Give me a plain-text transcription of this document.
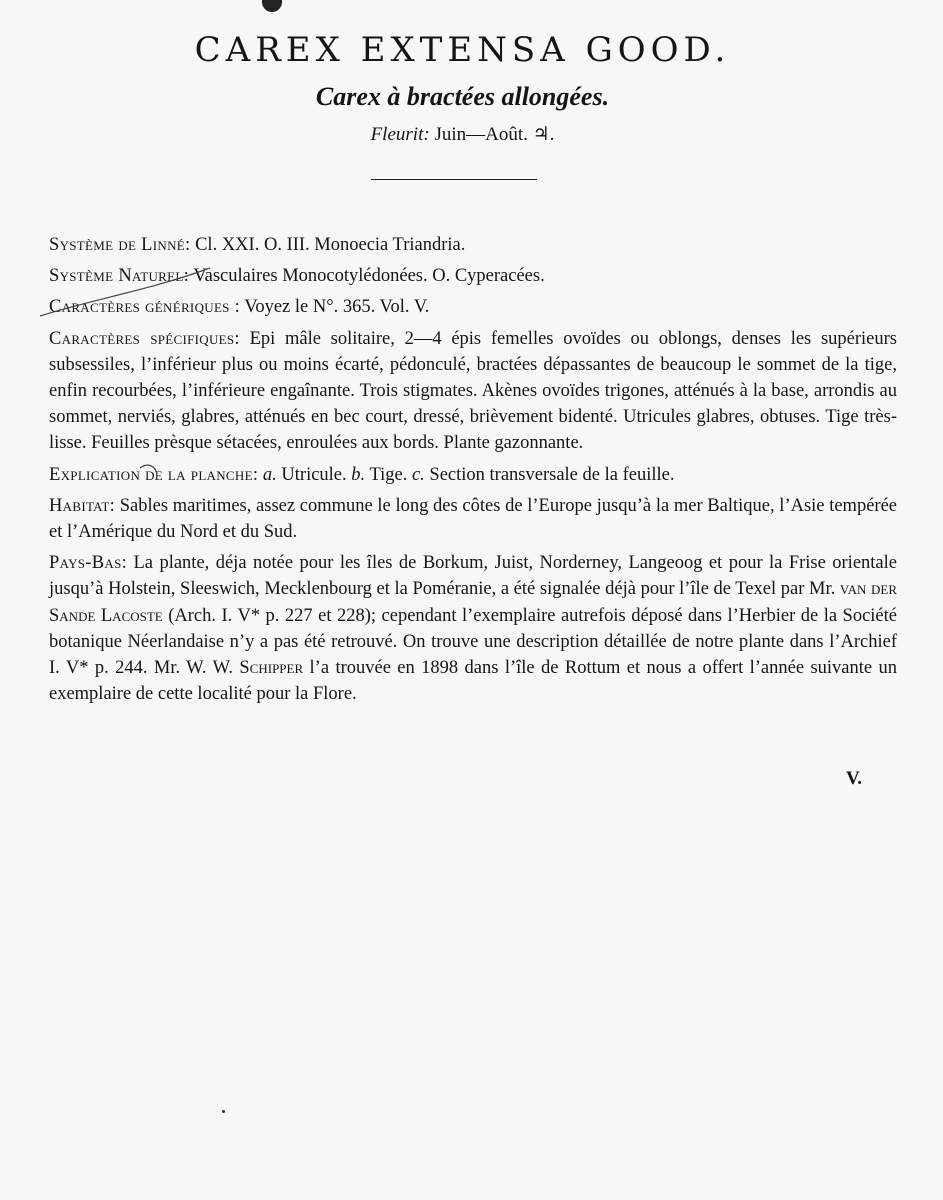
CAREX EXTENSA GOOD.
Carex à bractées allongées.
Fleurit: Juin—Août. ♃.

Système de Linné: Cl. XXI. O. III. Monoecia Triandria.

Système Naturel: Vasculaires Monocotylédonées. O. Cyperacées.

Caractères génériques : Voyez le N°. 365. Vol. V.

Caractères spécifiques: Epi mâle solitaire, 2—4 épis femelles ovoïdes ou oblongs, denses les supérieurs subsessiles, l’inférieur plus ou moins écarté, pédonculé, bractées dépassantes de beaucoup le sommet de la tige, enfin recourbées, l’inférieure engaînante. Trois stigmates. Akènes ovoïdes trigones, atténués à la base, arrondis au sommet, nerviés, glabres, atténués en bec court, dressé, brièvement bidenté. Utricules glabres, obtuses. Tige très-lisse. Feuilles prèsque sétacées, enroulées aux bords. Plante gazonnante.

Explication de la planche: a. Utricule. b. Tige. c. Section transversale de la feuille.

Habitat: Sables maritimes, assez commune le long des côtes de l’Europe jusqu’à la mer Baltique, l’Asie tempérée et l’Amérique du Nord et du Sud.

Pays-Bas: La plante, déja notée pour les îles de Borkum, Juist, Norderney, Langeoog et pour la Frise orientale jusqu’à Holstein, Sleeswich, Mecklenbourg et la Poméranie, a été signalée déjà pour l’île de Texel par Mr. van der Sande Lacoste (Arch. I. V* p. 227 et 228); cependant l’exemplaire autrefois déposé dans l’Herbier de la Société botanique Néerlandaise n’y a pas été retrouvé. On trouve une description détaillée de notre plante dans l’Archief I. V* p. 244. Mr. W. W. Schipper l’a trouvée en 1898 dans l’île de Rottum et nous a offert l’année suivante un exemplaire de cette localité pour la Flore.

V.
